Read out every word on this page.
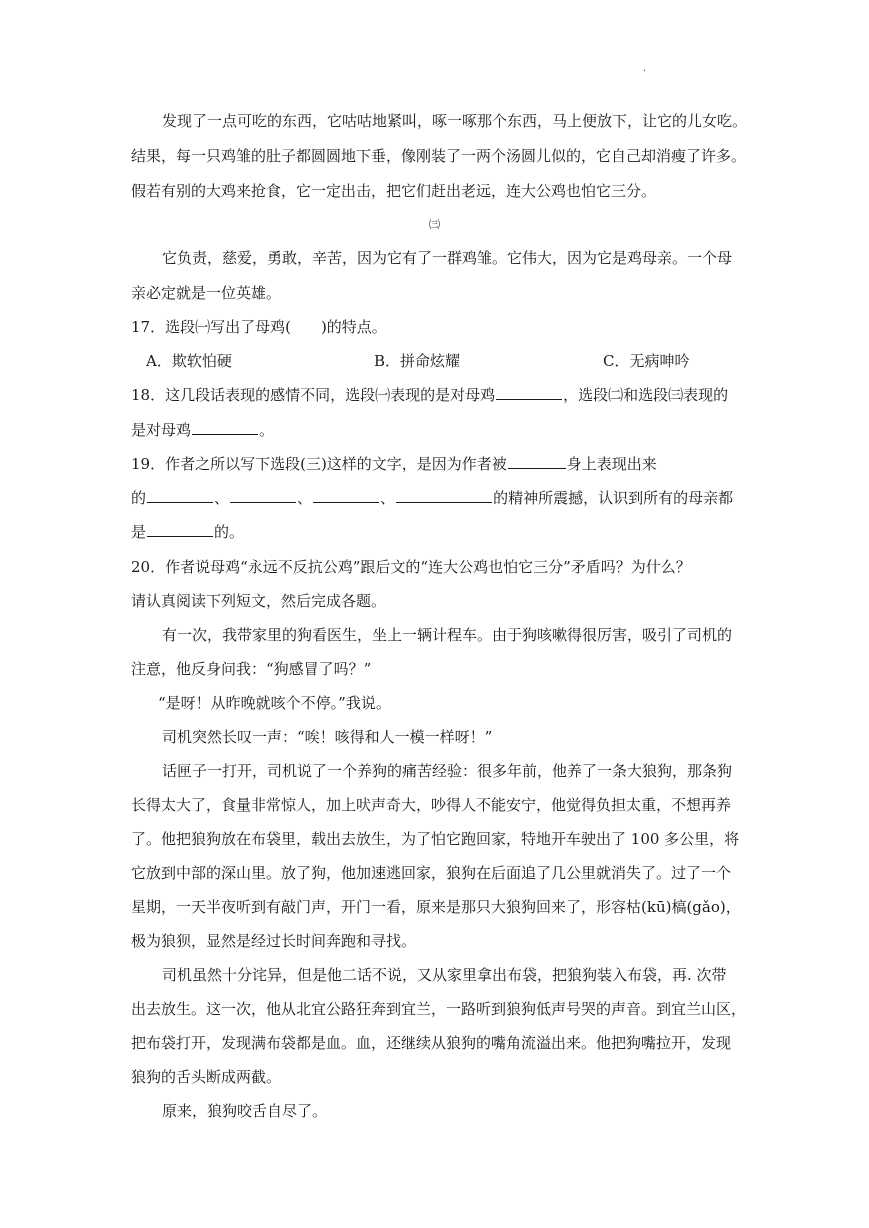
.
发现了一点可吃的东西，它咕咕地紧叫，啄一啄那个东西，马上便放下，让它的儿女吃。
结果，每一只鸡雏的肚子都圆圆地下垂，像刚装了一两个汤圆儿似的，它自己却消瘦了许多。
假若有别的大鸡来抢食，它一定出击，把它们赶出老远，连大公鸡也怕它三分。
㈢
它负责，慈爱，勇敢，辛苦，因为它有了一群鸡雏。它伟大，因为它是鸡母亲。一个母
亲必定就是一位英雄。
17．选段㈠写出了母鸡(　　)的特点。
A．欺软怕硬	B．拼命炫耀	C．无病呻吟
18．这几段话表现的感情不同，选段㈠表现的是对母鸡	，选段㈡和选段㈢表现的
是对母鸡	。
19．作者之所以写下选段(三)这样的文字，是因为作者被	身上表现出来
的	、	、	、	的精神所震撼，认识到所有的母亲都
是	的。
20．作者说母鸡“永远不反抗公鸡”跟后文的“连大公鸡也怕它三分”矛盾吗？为什么？
请认真阅读下列短文，然后完成各题。
有一次，我带家里的狗看医生，坐上一辆计程车。由于狗咳嗽得很厉害，吸引了司机的
注意，他反身问我：“狗感冒了吗？”
“是呀！从昨晚就咳个不停。”我说。
司机突然长叹一声：“唉！咳得和人一模一样呀！”
话匣子一打开，司机说了一个养狗的痛苦经验：很多年前，他养了一条大狼狗，那条狗
长得太大了，食量非常惊人，加上吠声奇大，吵得人不能安宁，他觉得负担太重，不想再养
了。他把狼狗放在布袋里，载出去放生，为了怕它跑回家，特地开车驶出了 100 多公里，将
它放到中部的深山里。放了狗，他加速逃回家，狼狗在后面追了几公里就消失了。过了一个
星期，一天半夜听到有敲门声，开门一看，原来是那只大狼狗回来了，形容枯(kū)槁(gǎo)，
极为狼狈，显然是经过长时间奔跑和寻找。
司机虽然十分诧异，但是他二话不说，又从家里拿出布袋，把狼狗装入布袋，再. 次带
出去放生。这一次，他从北宜公路狂奔到宜兰，一路听到狼狗低声号哭的声音。到宜兰山区，
把布袋打开，发现满布袋都是血。血，还继续从狼狗的嘴角流溢出来。他把狗嘴拉开，发现
狼狗的舌头断成两截。
原来，狼狗咬舌自尽了。
